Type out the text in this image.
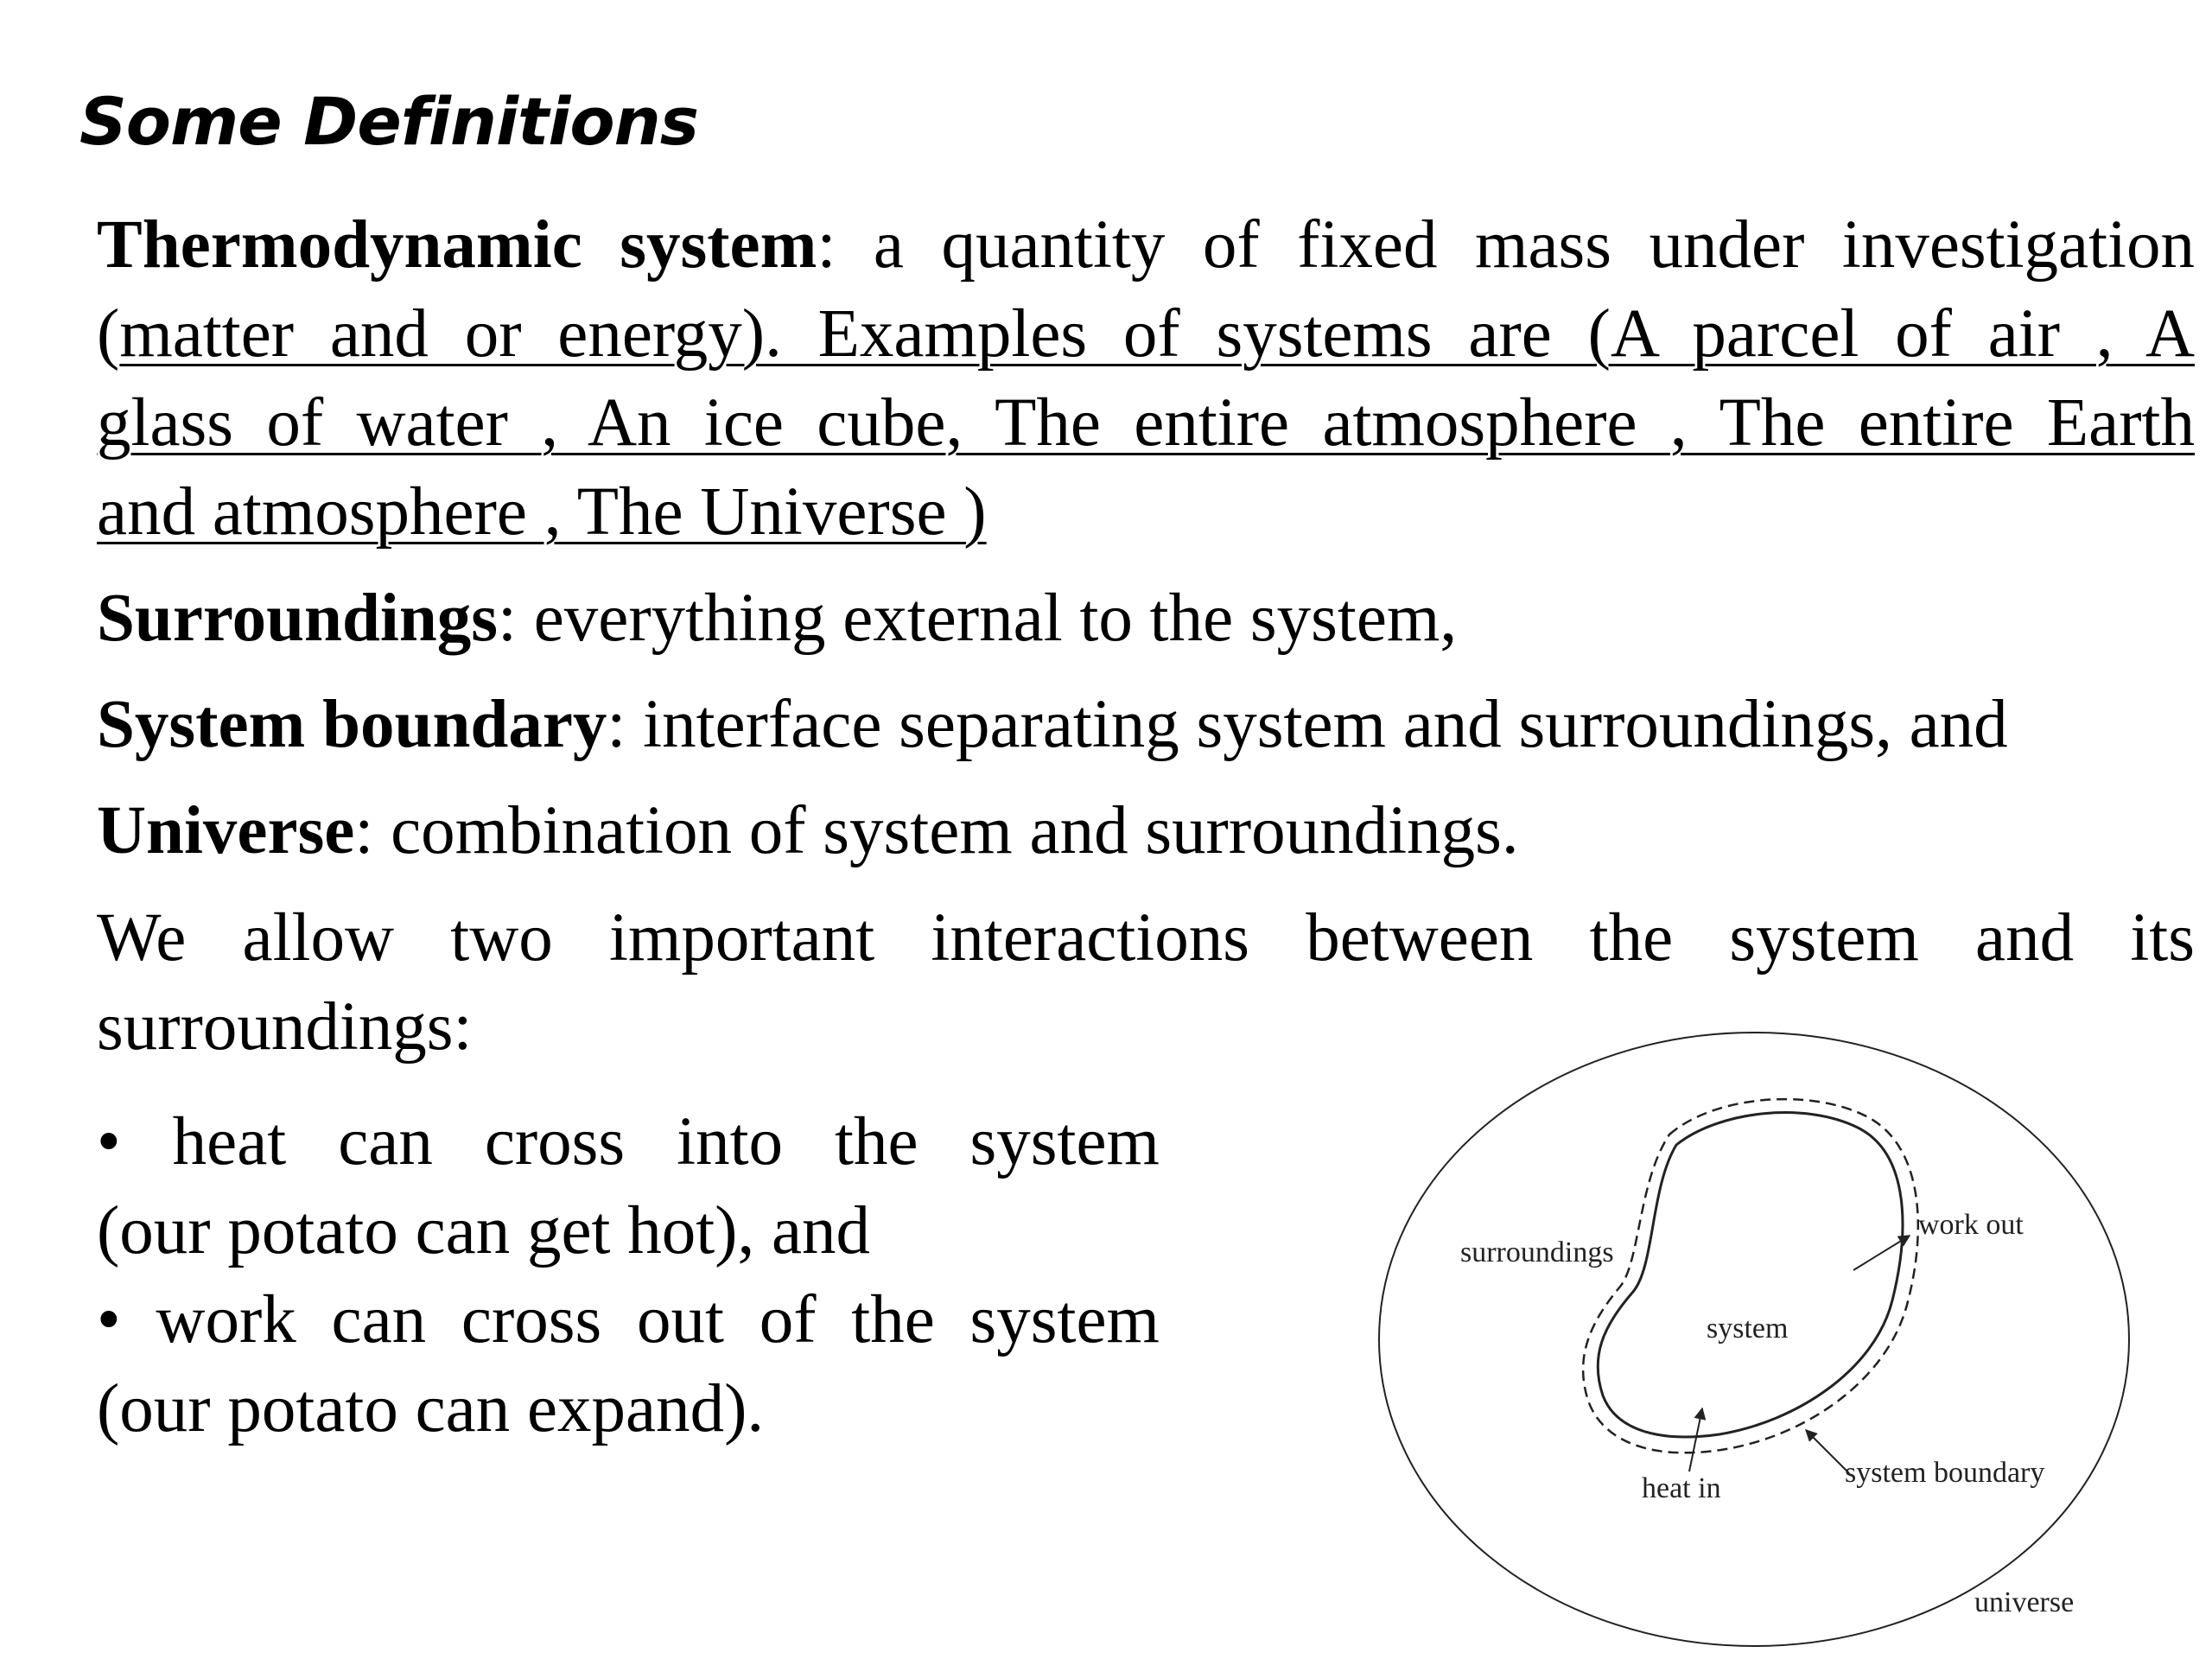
Some Definitions

Thermodynamic system: a quantity of fixed mass under investigation
(matter and or energy). Examples of systems are (A parcel of air , A
glass of water , An ice cube, The entire atmosphere , The entire Earth
and atmosphere , The Universe )

Surroundings: everything external to the system,

System boundary: interface separating system and surroundings, and

Universe: combination of system and surroundings.

We allow two important interactions between the system and its
surroundings:

• heat can cross into the system
(our potato can get hot), and
• work can cross out of the system
(our potato can expand).
surroundings
system
work out
heat in	system boundary
universe
